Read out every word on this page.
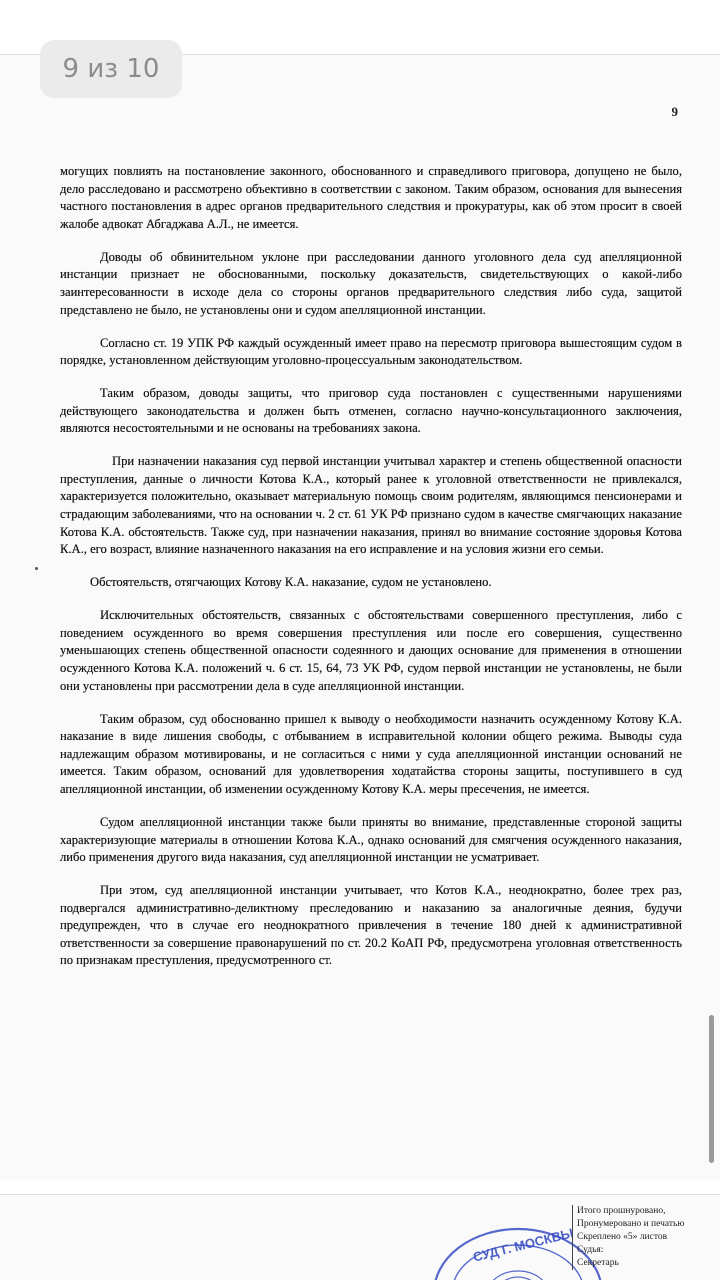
9 из 10
9

могущих повлиять на постановление законного, обоснованного и справедливого приговора, допущено не было, дело расследовано и рассмотрено объективно в соответствии с законом. Таким образом, основания для вынесения частного постановления в адрес органов предварительного следствия и прокуратуры, как об этом просит в своей жалобе адвокат Абгаджава А.Л., не имеется.

Доводы об обвинительном уклоне при расследовании данного уголовного дела суд апелляционной инстанции признает не обоснованными, поскольку доказательств, свидетельствующих о какой-либо заинтересованности в исходе дела со стороны органов предварительного следствия либо суда, защитой представлено не было, не установлены они и судом апелляционной инстанции.

Согласно ст. 19 УПК РФ каждый осужденный имеет право на пересмотр приговора вышестоящим судом в порядке, установленном действующим уголовно-процессуальным законодательством.

Таким образом, доводы защиты, что приговор суда постановлен с существенными нарушениями действующего законодательства и должен быть отменен, согласно научно-консультационного заключения, являются несостоятельными и не основаны на требованиях закона.

При назначении наказания суд первой инстанции учитывал характер и степень общественной опасности преступления, данные о личности Котова К.А., который ранее к уголовной ответственности не привлекался, характеризуется положительно, оказывает материальную помощь своим родителям, являющимся пенсионерами и страдающим заболеваниями, что на основании ч. 2 ст. 61 УК РФ признано судом в качестве смягчающих наказание Котова К.А. обстоятельств. Также суд, при назначении наказания, принял во внимание состояние здоровья Котова К.А., его возраст, влияние назначенного наказания на его исправление и на условия жизни его семьи.

Обстоятельств, отягчающих Котову К.А. наказание, судом не установлено.

Исключительных обстоятельств, связанных с обстоятельствами совершенного преступления, либо с поведением осужденного во время совершения преступления или после его совершения, существенно уменьшающих степень общественной опасности содеянного и дающих основание для применения в отношении осужденного Котова К.А. положений ч. 6 ст. 15, 64, 73 УК РФ, судом первой инстанции не установлены, не были они установлены при рассмотрении дела в суде апелляционной инстанции.

Таким образом, суд обоснованно пришел к выводу о необходимости назначить осужденному Котову К.А. наказание в виде лишения свободы, с отбыванием в исправительной колонии общего режима. Выводы суда надлежащим образом мотивированы, и не согласиться с ними у суда апелляционной инстанции оснований не имеется. Таким образом, оснований для удовлетворения ходатайства стороны защиты, поступившего в суд апелляционной инстанции, об изменении осужденному Котову К.А. меры пресечения, не имеется.

Судом апелляционной инстанции также были приняты во внимание, представленные стороной защиты характеризующие материалы в отношении Котова К.А., однако оснований для смягчения осужденного наказания, либо применения другого вида наказания, суд апелляционной инстанции не усматривает.

При этом, суд апелляционной инстанции учитывает, что Котов К.А., неоднократно, более трех раз, подвергался административно-деликтному преследованию и наказанию за аналогичные деяния, будучи предупрежден, что в случае его неоднократного привлечения в течение 180 дней к административной ответственности за совершение правонарушений по ст. 20.2 КоАП РФ, предусмотрена уголовная ответственность по признакам преступления, предусмотренного ст.

СУД Г. МОСКВЫ
Итого прошнуровано,
Пронумеровано и печатью
Скреплено «5» листов
Судья:
Секретарь
